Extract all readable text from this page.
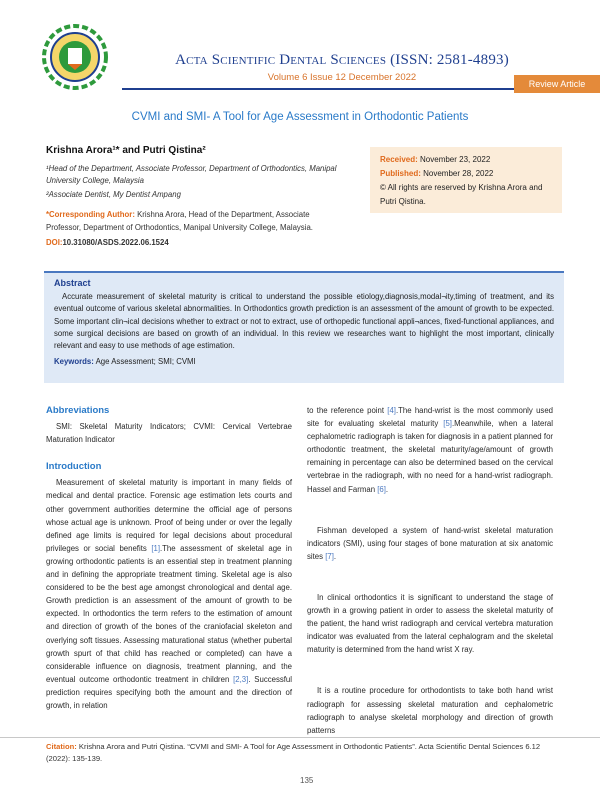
Acta Scientific Dental Sciences (ISSN: 2581-4893)
Volume 6 Issue 12 December 2022
Review Article
CVMI and SMI- A Tool for Age Assessment in Orthodontic Patients
Krishna Arora¹* and Putri Qistina²
¹Head of the Department, Associate Professor, Department of Orthodontics, Manipal
University College, Malaysia
²Associate Dentist, My Dentist Ampang
*Corresponding Author: Krishna Arora, Head of the Department, Associate Professor, Department of Orthodontics, Manipal University College, Malaysia.
DOI:10.31080/ASDS.2022.06.1524
Received: November 23, 2022
Published: November 28, 2022
© All rights are reserved by Krishna Arora and Putri Qistina.
Abstract

Accurate measurement of skeletal maturity is critical to understand the possible etiology,diagnosis,modal¬ity,timing of treatment, and its eventual outcome of various skeletal abnormalities. In Orthodontics growth prediction is an assessment of the amount of growth to be expected. Some important clin¬ical decisions whether to extract or not to extract, use of orthopedic functional appli¬ances, fixed-functional appliances, and some surgical decisions are based on growth of an individual. In this review we researches want to highlight the most important, clinically relevant and easy to use methods of age estimation.

Keywords: Age Assessment; SMI; CVMI
Abbreviations

SMI: Skeletal Maturity Indicators; CVMI: Cervical Vertebrae Maturation Indicator

Introduction

Measurement of skeletal maturity is important in many fields of medical and dental practice. Forensic age estimation lets courts and other government authorities determine the official age of persons whose actual age is unknown. Proof of being under or over the legally defined age limits is required for legal decisions about procedural privileges or social benefits [1].The assessment of skeletal age in growing orthodontic patients is an essential step in treatment planning and in defining the appropriate treatment timing. Skeletal age is also considered to be the best age amongst chronological and dental age. Growth prediction is an assessment of the amount of growth to be expected. In orthodontics the term refers to the estimation of amount and direction of growth of the bones of the craniofacial skeleton and overlying soft tissues. Assessing maturational status (whether pubertal growth spurt of that child has reached or completed) can have a considerable influence on diagnosis, treatment planning, and the eventual outcome orthodontic treatment in children [2,3]. Successful prediction requires specifying both the amount and the direction of growth, in relation

to the reference point [4].The hand-wrist is the most commonly used site for evaluating skeletal maturity [5].Meanwhile, when a lateral cephalometric radiograph is taken for diagnosis in a patient planned for orthodontic treatment, the skeletal maturity/age/amount of growth remaining in percentage can also be determined based on the cervical vertebrae in the radiograph, with no need for a hand-wrist radiograph. Hassel and Farman [6].

Fishman developed a system of hand-wrist skeletal maturation indicators (SMI), using four stages of bone maturation at six anatomic sites [7].

In clinical orthodontics it is significant to understand the stage of growth in a growing patient in order to assess the skeletal maturity of the patient, the hand wrist radiograph and cervical vertebra maturation indicator was evaluated from the lateral cephalogram and the skeletal maturity is determined from the hand wrist X ray.

It is a routine procedure for orthodontists to take both hand wrist radiograph for assessing skeletal maturation and cephalometric radiograph to analyse skeletal morphology and direction of growth patterns

Citation: Krishna Arora and Putri Qistina. “CVMI and SMI- A Tool for Age Assessment in Orthodontic Patients”. Acta Scientific Dental Sciences 6.12 (2022): 135-139.
135
